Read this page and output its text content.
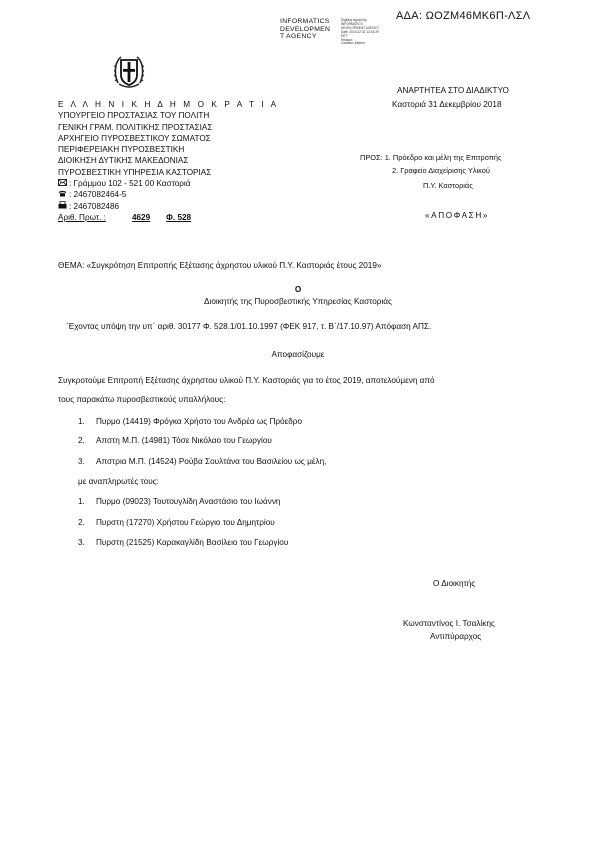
ΑΔΑ: ΩΟΖΜ46ΜΚ6Π-ΛΣΛ
INFORMATICS
DEVELOPMEN
T AGENCY
Digitally signed by
INFORMATICS
DEVELOPMENT AGENCY
Date: 2018.12.31 12:43:29
EET
Reason:
Location: Athens
Ε Λ Λ Η Ν Ι Κ Η Δ Η Μ Ο Κ Ρ Α Τ Ι Α
ΥΠΟΥΡΓΕΙΟ ΠΡΟΣΤΑΣΙΑΣ ΤΟΥ ΠΟΛΙΤΗ
ΓΕΝΙΚΗ ΓΡΑΜ. ΠΟΛΙΤΙΚΗΣ ΠΡΟΣΤΑΣΙΑΣ
ΑΡΧΗΓΕΙΟ ΠΥΡΟΣΒΕΣΤΙΚΟΥ ΣΩΜΑΤΟΣ
ΠΕΡΙΦΕΡΕΙΑΚΗ ΠΥΡΟΣΒΕΣΤΙΚΗ
ΔΙΟΙΚΗΣΗ ΔΥΤΙΚΗΣ ΜΑΚΕΔΟΝΙΑΣ
ΠΥΡΟΣΒΕΣΤΙΚΗ ΥΠΗΡΕΣΙΑ ΚΑΣΤΟΡΙΑΣ
: Γράμμου 102 - 521 00 Καστοριά
: 2467082464-5
: 2467082486
Αριθ. Πρωτ. :	4629 Φ. 528
ΑΝΑΡΤΗΤΕΑ ΣΤΟ ΔΙΑΔΙΚΤΥΟ
Καστοριά 31 Δεκεμβρίου 2018
ΠΡΟΣ: 1. Πρόεδρο και μέλη της Επιτροπής
2. Γραφείο Διαχείρισης Υλικού
Π.Υ. Καστοριάς
«ΑΠΟΦΑΣΗ»
ΘΕΜΑ: «Συγκρότηση Επιτροπής Εξέτασης άχρηστου υλικού Π.Υ. Καστοριάς έτους 2019»
Ο
Διοικητής της Πυροσβεστικής Υπηρεσίας Καστοριάς
΄Εχοντας υπόψη την υπ΄ αριθ. 30177 Φ. 528.1/01.10.1997 (ΦΕΚ 917, τ. Β΄/17.10.97) Απόφαση ΑΠΣ.
Αποφασίζουμε
Συγκροτούμε Επιτροπή Εξέτασης άχρηστου υλικού Π.Υ. Καστοριάς για το έτος 2019, αποτελούμενη από
τους παρακάτω πυροσβεστικούς υπαλλήλους:
1. Πυρμο (14419) Φρόγκα Χρήστο του Ανδρέα ως Πρόεδρο
2. Απστη Μ.Π. (14981) Τόσε Νικόλαο του Γεωργίου
3. Απστρια Μ.Π. (14524) Ρούβα Σουλτάνα του Βασιλείου ως μέλη,
με αναπληρωτές τους:
1. Πυρμο (09023) Τουτουγλίδη Αναστάσιο του Ιωάννη
2. Πυρστη (17270) Χρήστου Γεώργιο του Δημητρίου
3. Πυρστη (21525) Καρακαγλίδη Βασίλειο του Γεωργίου
Ο Διοικητής
Κωνσταντίνος Ι. Τσαλίκης
Αντιπύραρχος
